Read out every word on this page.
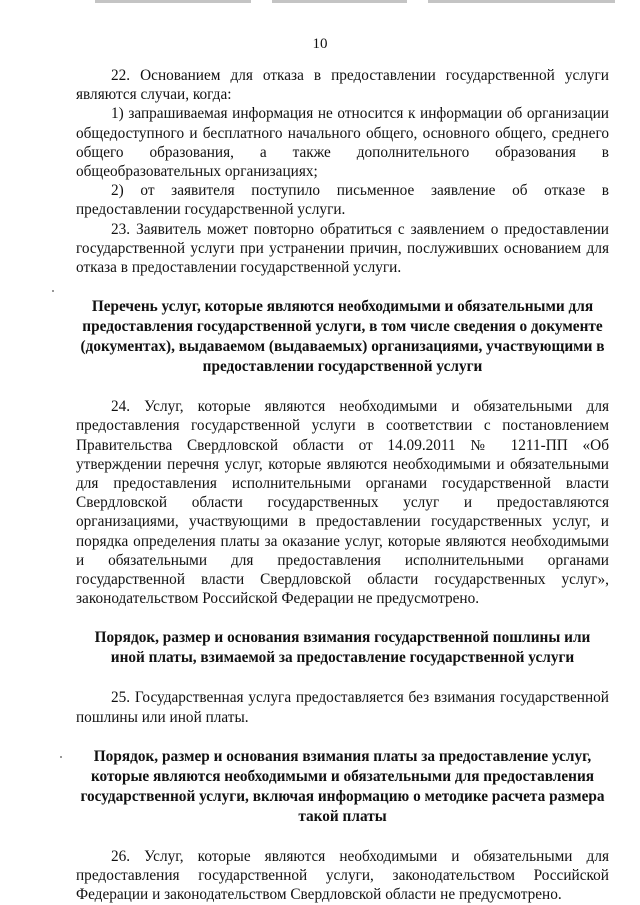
10

22. Основанием для отказа в предоставлении государственной услуги являются случаи, когда:

1) запрашиваемая информация не относится к информации об организации общедоступного и бесплатного начального общего, основного общего, среднего общего образования, а также дополнительного образования в общеобразовательных организациях;

2) от заявителя поступило письменное заявление об отказе в предоставлении государственной услуги.

23. Заявитель может повторно обратиться с заявлением о предоставлении государственной услуги при устранении причин, послуживших основанием для отказа в предоставлении государственной услуги.

Перечень услуг, которые являются необходимыми и обязательными для предоставления государственной услуги, в том числе сведения о документе (документах), выдаваемом (выдаваемых) организациями, участвующими в предоставлении государственной услуги

24. Услуг, которые являются необходимыми и обязательными для предоставления государственной услуги в соответствии с постановлением Правительства Свердловской области от 14.09.2011 № 1211-ПП «Об утверждении перечня услуг, которые являются необходимыми и обязательными для предоставления исполнительными органами государственной власти Свердловской области государственных услуг и предоставляются организациями, участвующими в предоставлении государственных услуг, и порядка определения платы за оказание услуг, которые являются необходимыми и обязательными для предоставления исполнительными органами государственной власти Свердловской области государственных услуг», законодательством Российской Федерации не предусмотрено.

Порядок, размер и основания взимания государственной пошлины или иной платы, взимаемой за предоставление государственной услуги

25. Государственная услуга предоставляется без взимания государственной пошлины или иной платы.

Порядок, размер и основания взимания платы за предоставление услуг, которые являются необходимыми и обязательными для предоставления государственной услуги, включая информацию о методике расчета размера такой платы

26. Услуг, которые являются необходимыми и обязательными для предоставления государственной услуги, законодательством Российской Федерации и законодательством Свердловской области не предусмотрено.
